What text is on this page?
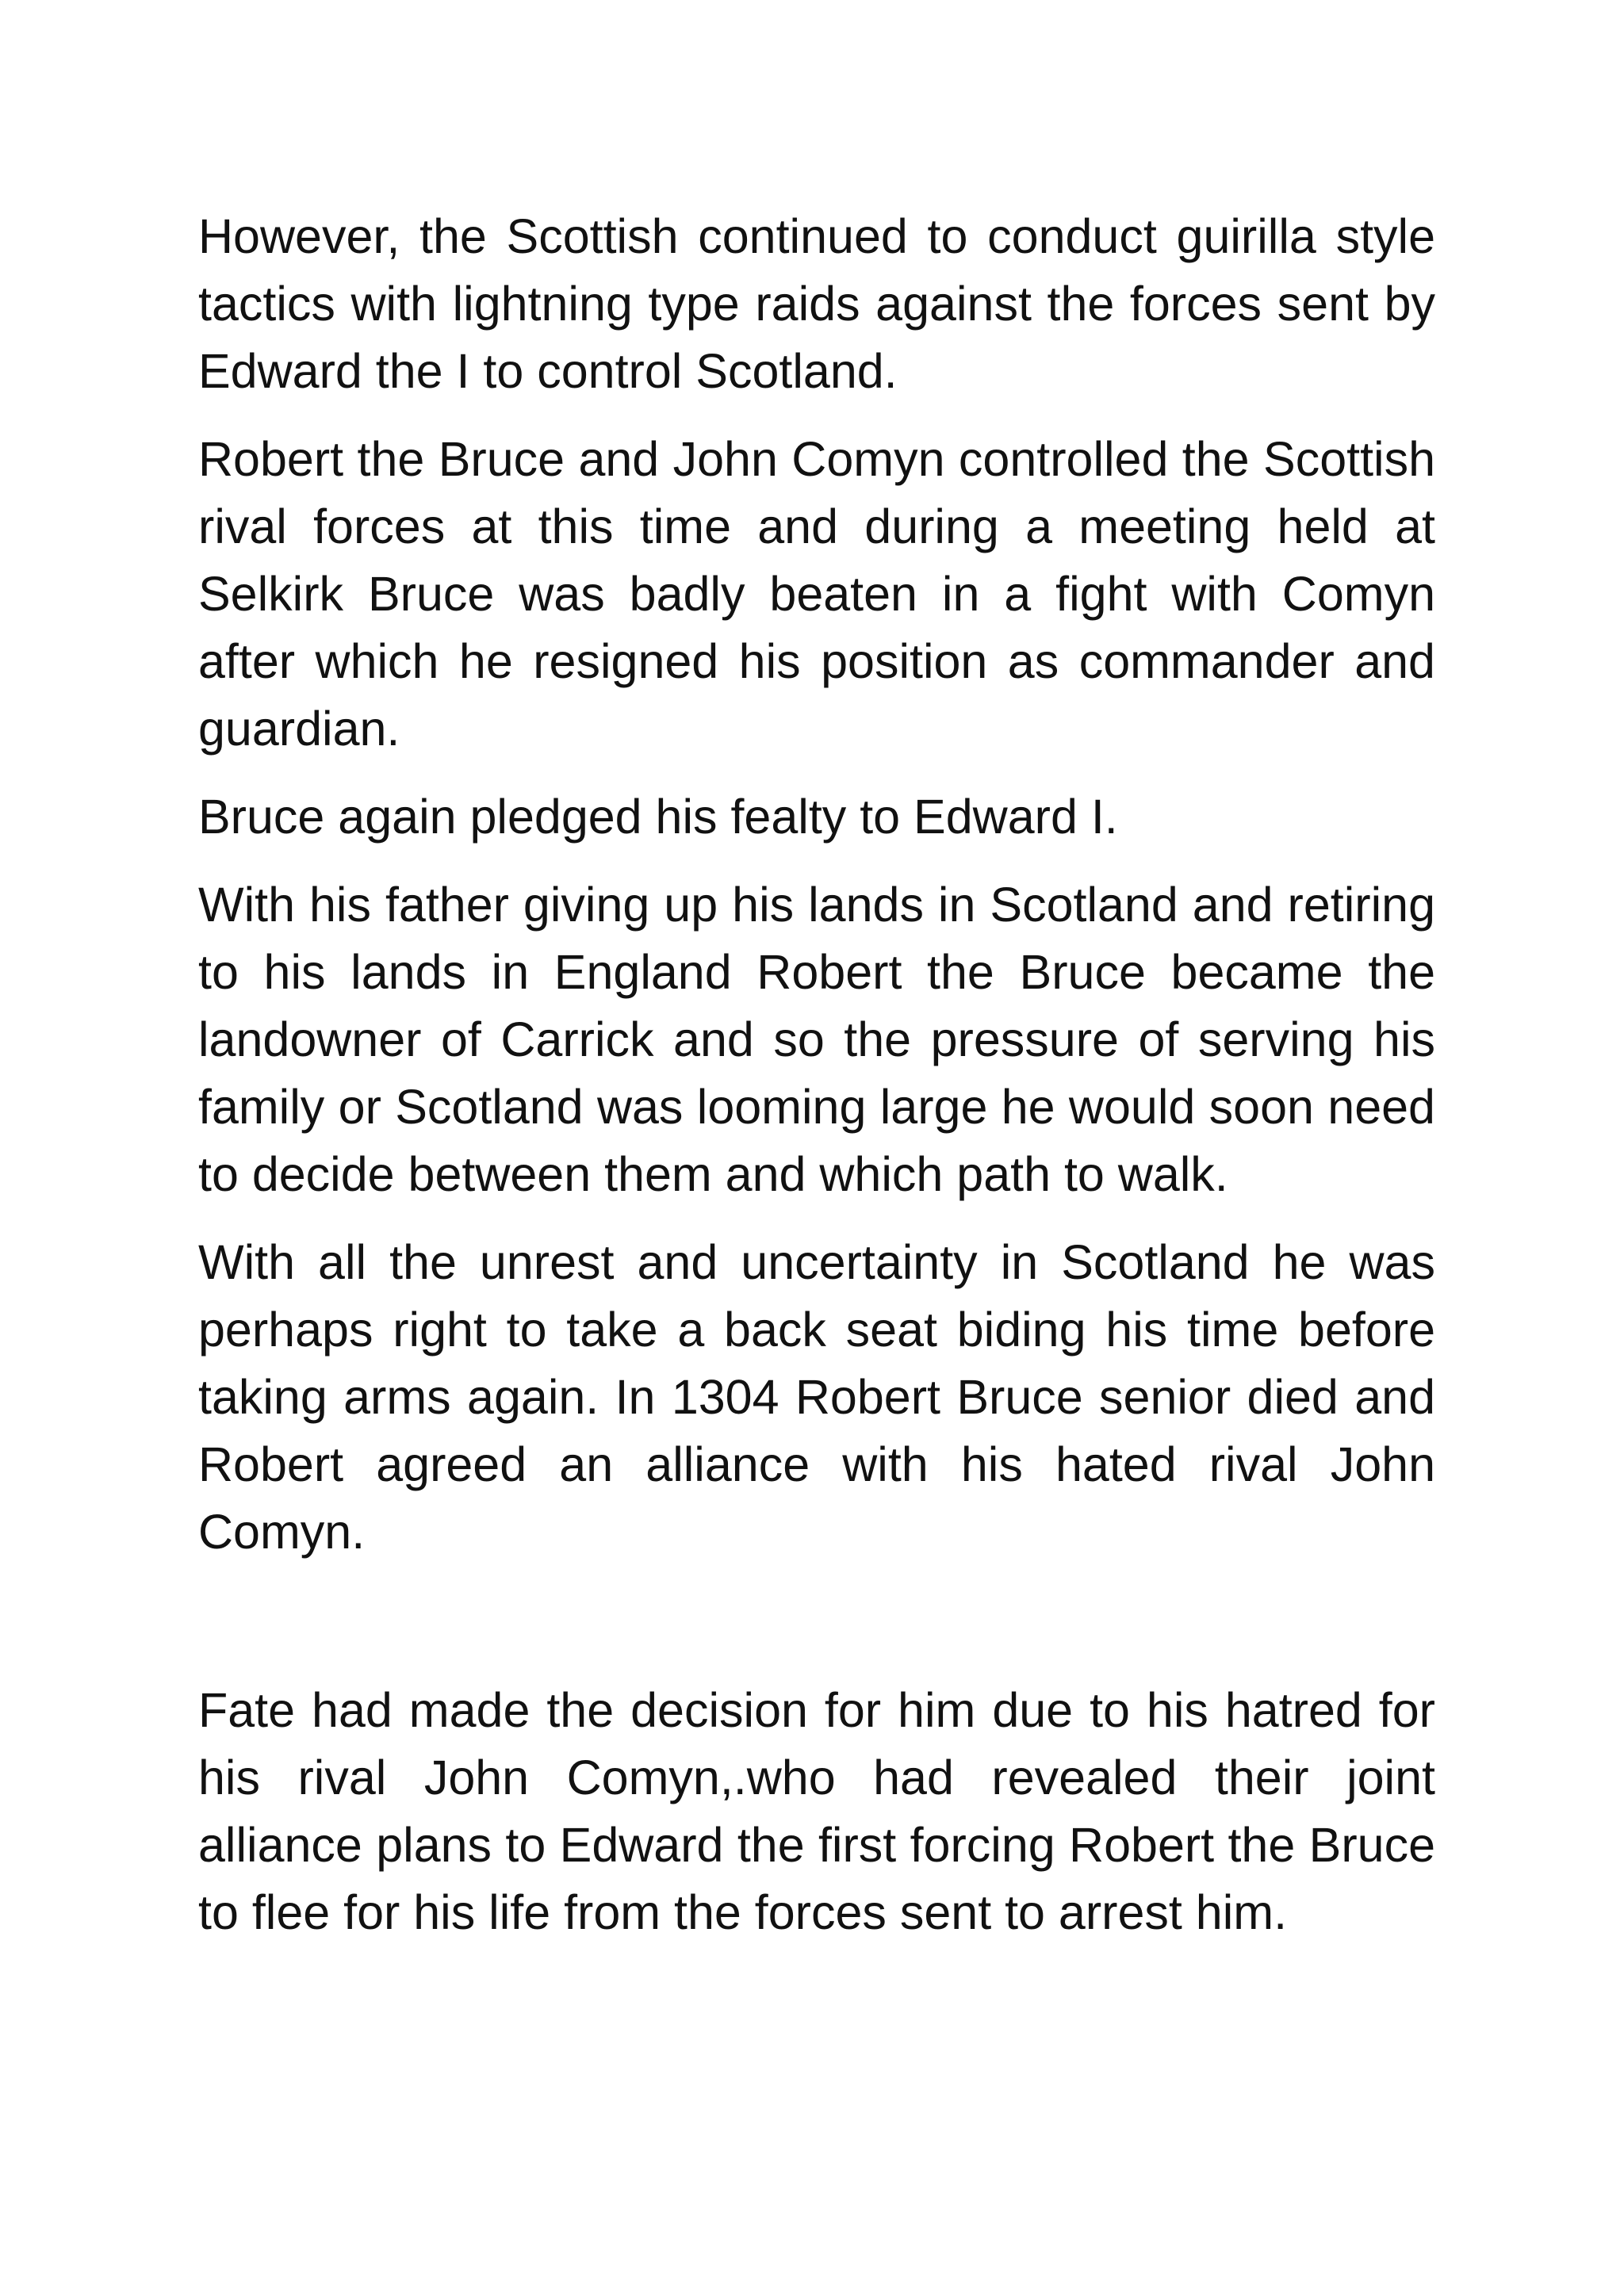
However, the Scottish continued to conduct guirilla style tactics with lightning type raids against the forces sent by Edward the I to control Scotland.

Robert the Bruce and John Comyn controlled the Scottish rival forces at this time and during a meeting held at Selkirk Bruce was badly beaten in a fight with Comyn after which he resigned his position as commander and guardian.

Bruce again pledged his fealty to Edward I.

With his father giving up his lands in Scotland and retiring to his lands in England Robert the Bruce became the landowner of Carrick and so the pressure of serving his family or Scotland was looming large he would soon need to decide between them and which path to walk.

With all the unrest and uncertainty in Scotland he was perhaps right to take a back seat biding his time before taking arms again. In 1304 Robert Bruce senior died and Robert agreed an alliance with his hated rival John Comyn.

Fate had made the decision for him due to his hatred for his rival John Comyn,.who had revealed their joint alliance plans to Edward the first forcing Robert the Bruce to flee for his life from the forces sent to arrest him.
